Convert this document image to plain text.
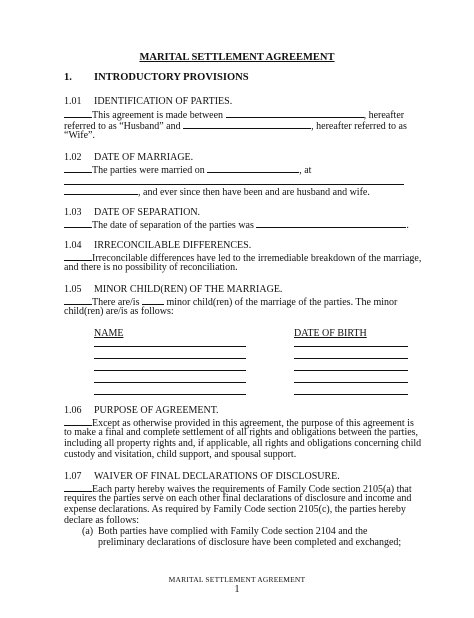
MARITAL SETTLEMENT AGREEMENT
1. INTRODUCTORY PROVISIONS
1.01 IDENTIFICATION OF PARTIES.
This agreement is made between	, hereafter
referred to as “Husband” and	, hereafter referred to as
“Wife”.
1.02 DATE OF MARRIAGE.
The parties were married on	, at
, and ever since then have been and are husband and wife.
1.03 DATE OF SEPARATION.
The date of separation of the parties was	.
1.04 IRRECONCILABLE DIFFERENCES.
Irreconcilable differences have led to the irremediable breakdown of the marriage,
and there is no possibility of reconciliation.
1.05 MINOR CHILD(REN) OF THE MARRIAGE.
There are/is	minor child(ren) of the marriage of the parties. The minor
child(ren) are/is as follows:
NAME	DATE OF BIRTH
1.06 PURPOSE OF AGREEMENT.
Except as otherwise provided in this agreement, the purpose of this agreement is
to make a final and complete settlement of all rights and obligations between the parties,
including all property rights and, if applicable, all rights and obligations concerning child
custody and visitation, child support, and spousal support.
1.07 WAIVER OF FINAL DECLARATIONS OF DISCLOSURE.
Each party hereby waives the requirements of Family Code section 2105(a) that
requires the parties serve on each other final declarations of disclosure and income and
expense declarations. As required by Family Code section 2105(c), the parties hereby
declare as follows:
(a) Both parties have complied with Family Code section 2104 and the
preliminary declarations of disclosure have been completed and exchanged;
MARITAL SETTLEMENT AGREEMENT
1
